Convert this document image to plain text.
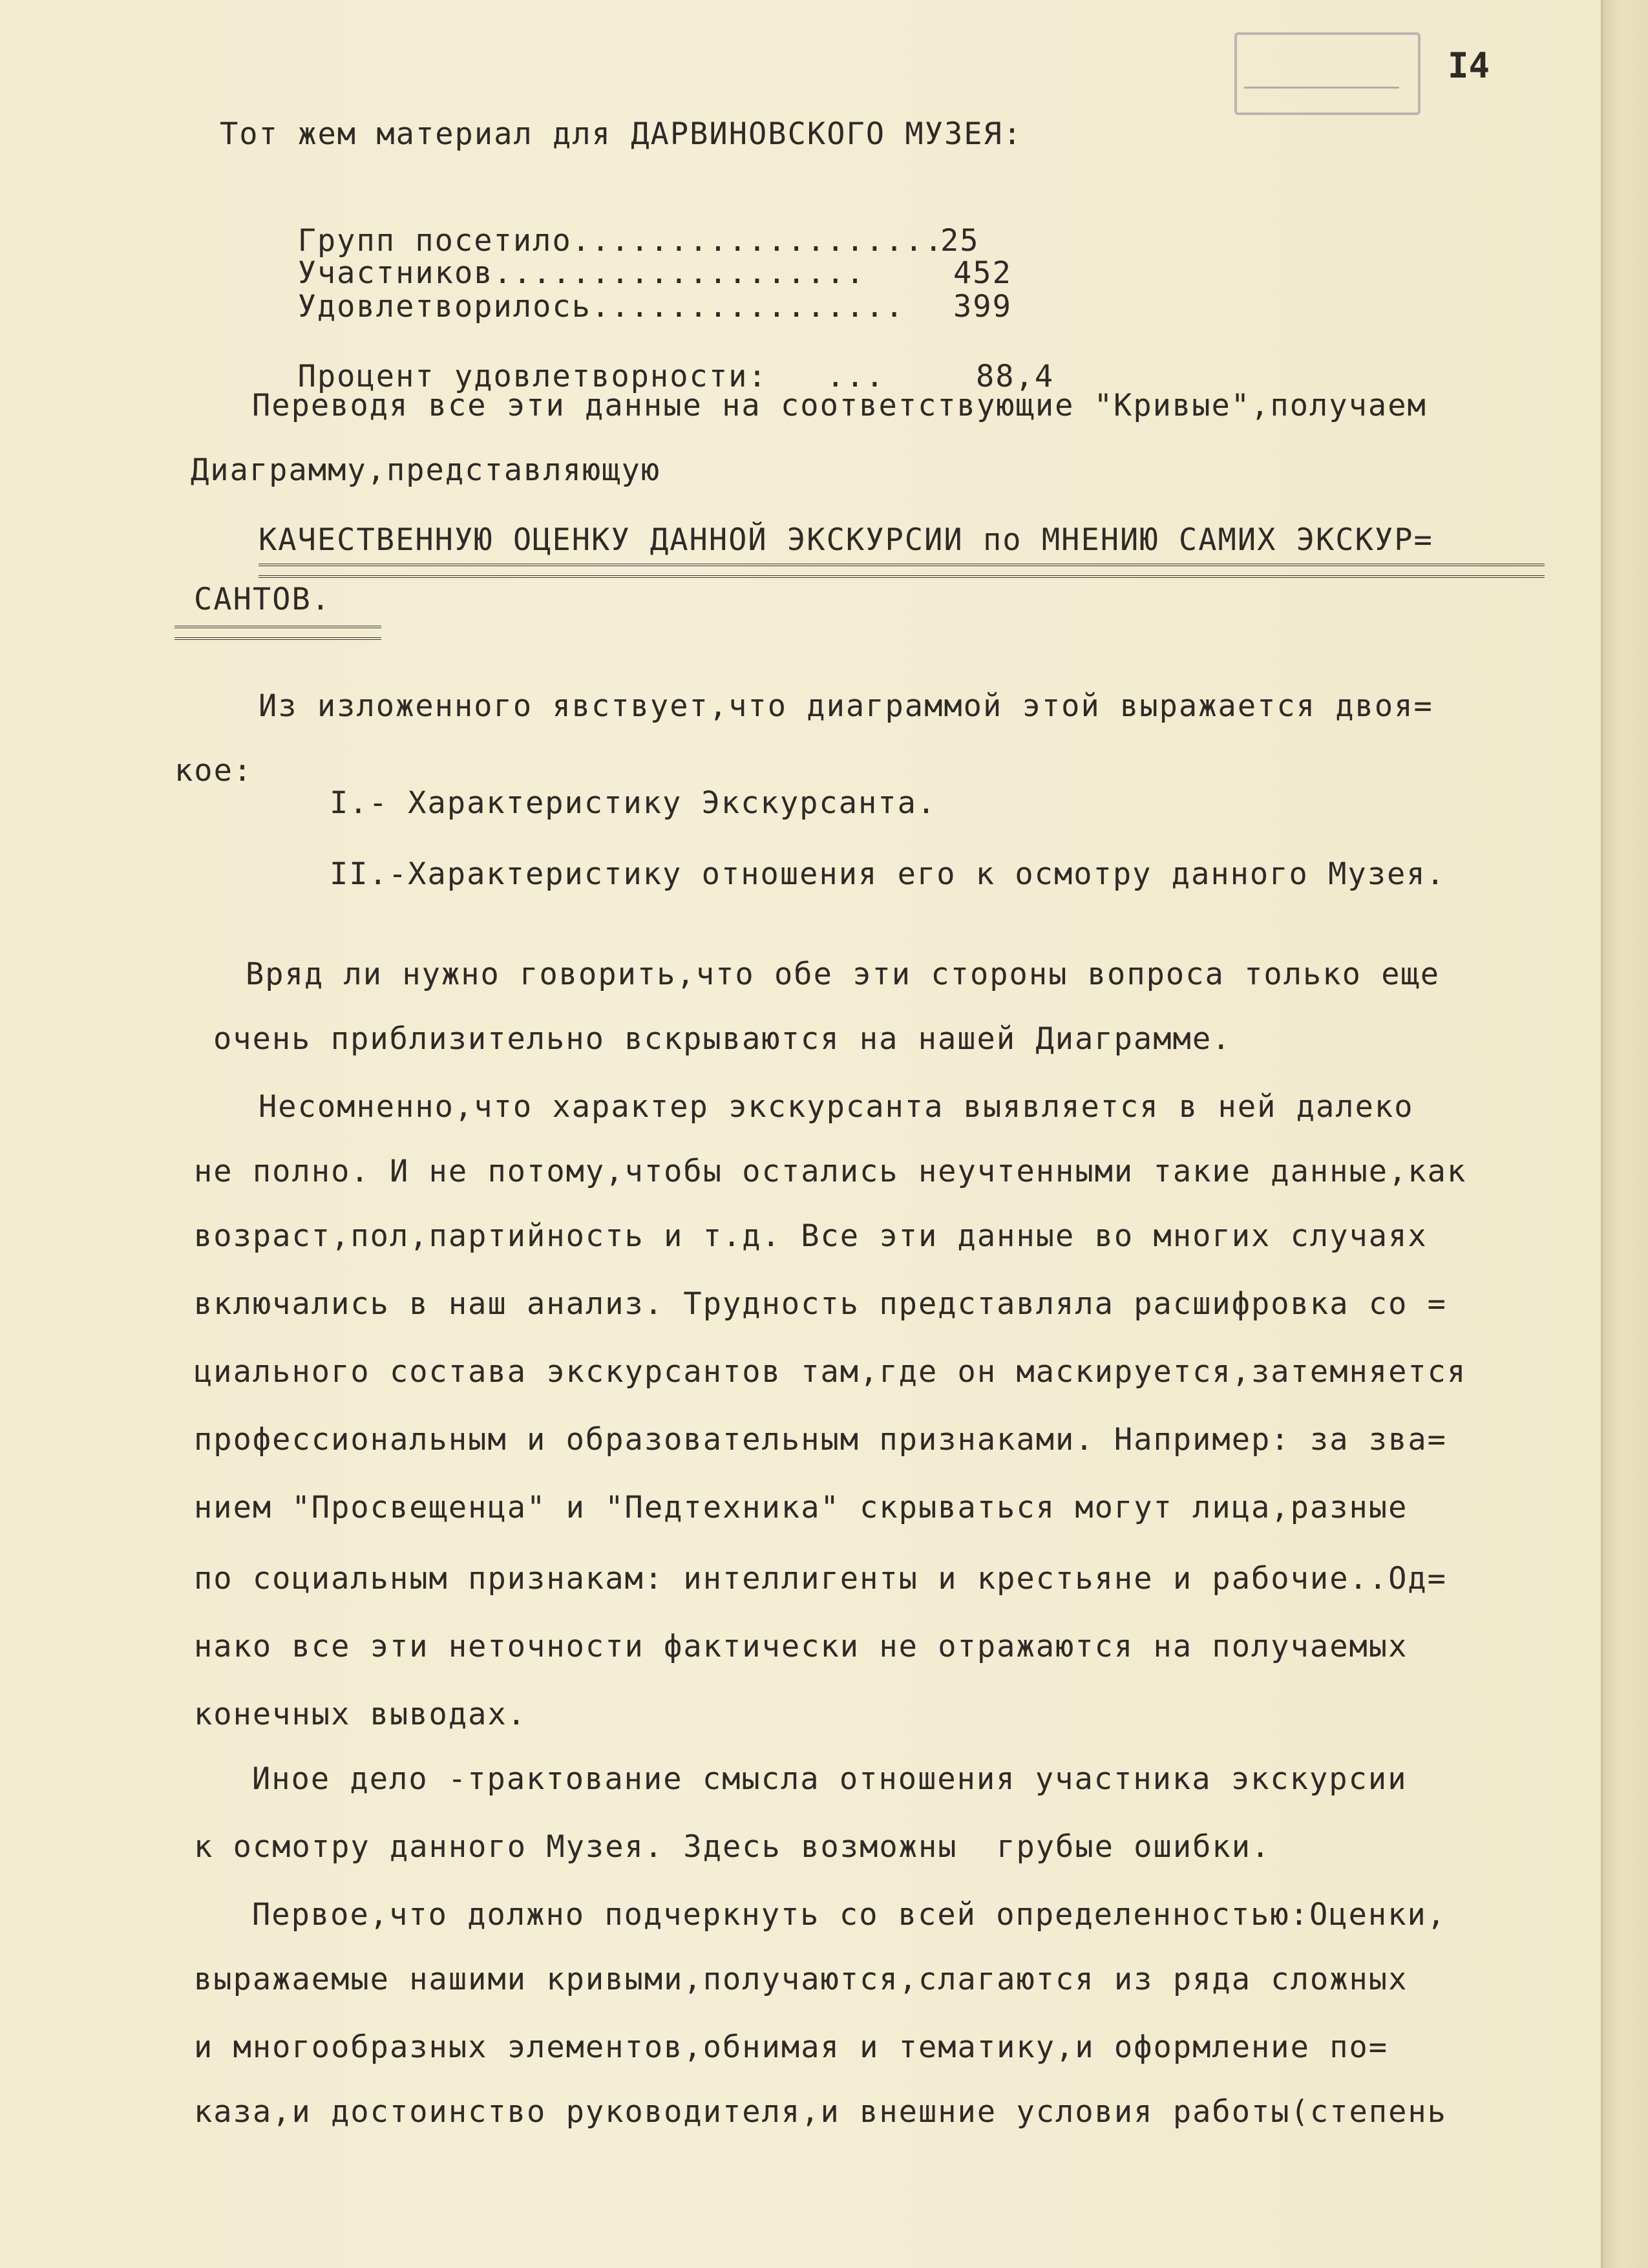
I4
Тот жем материал для ДАРВИНОВСКОГО МУЗЕЯ:

Групп посетило...................
25

Участников...................	452

Удовлетворилось................ 399

Процент удовлетворности:   ...	88,4

Переводя все эти данные на соответствующие "Кривые",получаем
Диаграмму,представляющую
КАЧЕСТВЕННУЮ ОЦЕНКУ ДАННОЙ ЭКСКУРСИИ по МНЕНИЮ САМИХ ЭКСКУР=
САНТОВ.
Из изложенного явствует,что диаграммой этой выражается двоя=
кое:
I.- Характеристику Экскурсанта.
II.-Характеристику отношения его к осмотру данного Музея.
Вряд ли нужно говорить,что обе эти стороны вопроса только еще
очень приблизительно вскрываются на нашей Диаграмме.
Несомненно,что характер экскурсанта выявляется в ней далеко
не полно. И не потому,чтобы остались неучтенными такие данные,как
возраст,пол,партийность и т.д. Все эти данные во многих случаях
включались в наш анализ. Трудность представляла расшифровка со =
циального состава экскурсантов там,где он маскируется,затемняется
профессиональным и образовательным признаками. Например: за зва=
нием "Просвещенца" и "Педтехника" скрываться могут лица,разные
по социальным признакам: интеллигенты и крестьяне и рабочие..Од=
нако все эти неточности фактически не отражаются на получаемых
конечных выводах.
Иное дело -трактование смысла отношения участника экскурсии
к осмотру данного Музея. Здесь возможны  грубые ошибки.
Первое,что должно подчеркнуть со всей определенностью:Оценки,
выражаемые нашими кривыми,получаются,слагаются из ряда сложных
и многообразных элементов,обнимая и тематику,и оформление по=
каза,и достоинство руководителя,и внешние условия работы(степень
